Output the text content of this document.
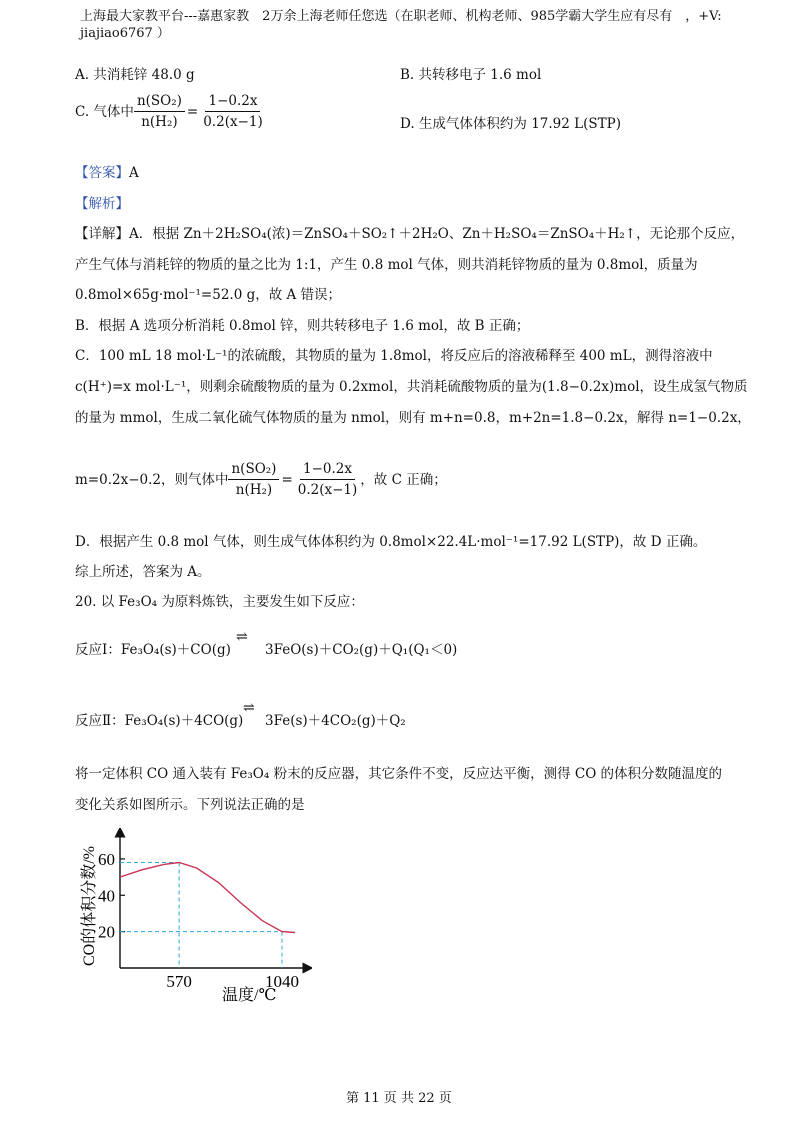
上海最大家教平台---嘉惠家教　2万余上海老师任您选（在职老师、机构老师、985学霸大学生应有尽有　，+V:
jiajiao6767 ）
A. 共消耗锌 48.0 g	B. 共转移电子 1.6 mol
C. 气体中 $\frac{\text{n(SO₂)}}{\text{n(H₂)}} = \frac{1-0.2x}{0.2(x-1)}$	D. 生成气体体积约为 17.92 L(STP)
【答案】A
【解析】
【详解】A．根据 Zn＋2H₂SO₄(浓)＝ZnSO₄＋SO₂↑＋2H₂O、Zn＋H₂SO₄＝ZnSO₄＋H₂↑，无论那个反应，
产生气体与消耗锌的物质的量之比为 1:1，产生 0.8 mol 气体，则共消耗锌物质的量为 0.8mol，质量为
0.8mol×65g·mol⁻¹=52.0 g，故 A 错误；
B．根据 A 选项分析消耗 0.8mol 锌，则共转移电子 1.6 mol，故 B 正确；
C．100 mL 18 mol·L⁻¹的浓硫酸，其物质的量为 1.8mol，将反应后的溶液稀释至 400 mL，测得溶液中
c(H⁺)=x mol·L⁻¹，则剩余硫酸物质的量为 0.2xmol，共消耗硫酸物质的量为(1.8−0.2x)mol，设生成氢气物质
的量为 mmol，生成二氧化硫气体物质的量为 nmol，则有 m+n=0.8，m+2n=1.8−0.2x，解得 n=1−0.2x，
m=0.2x−0.2，则气体中 $\frac{\text{n(SO₂)}}{\text{n(H₂)}} = \frac{1-0.2x}{0.2(x-1)}$ ，故 C 正确；
D．根据产生 0.8 mol 气体，则生成气体体积约为 0.8mol×22.4L·mol⁻¹=17.92 L(STP)，故 D 正确。
综上所述，答案为 A。
20. 以 Fe₃O₄ 为原料炼铁，主要发生如下反应：
反应Ⅰ：Fe₃O₄(s)＋CO(g)
⇌
3FeO(s)＋CO₂(g)＋Q₁(Q₁＜0)
反应Ⅱ：Fe₃O₄(s)＋4CO(g)
⇌
3Fe(s)＋4CO₂(g)＋Q₂
将一定体积 CO 通入装有 Fe₃O₄ 粉末的反应器，其它条件不变，反应达平衡，测得 CO 的体积分数随温度的
变化关系如图所示。下列说法正确的是
60
40
20
570	1040
CO的体积分数/%
温度/℃
第 11 页 共 22 页
